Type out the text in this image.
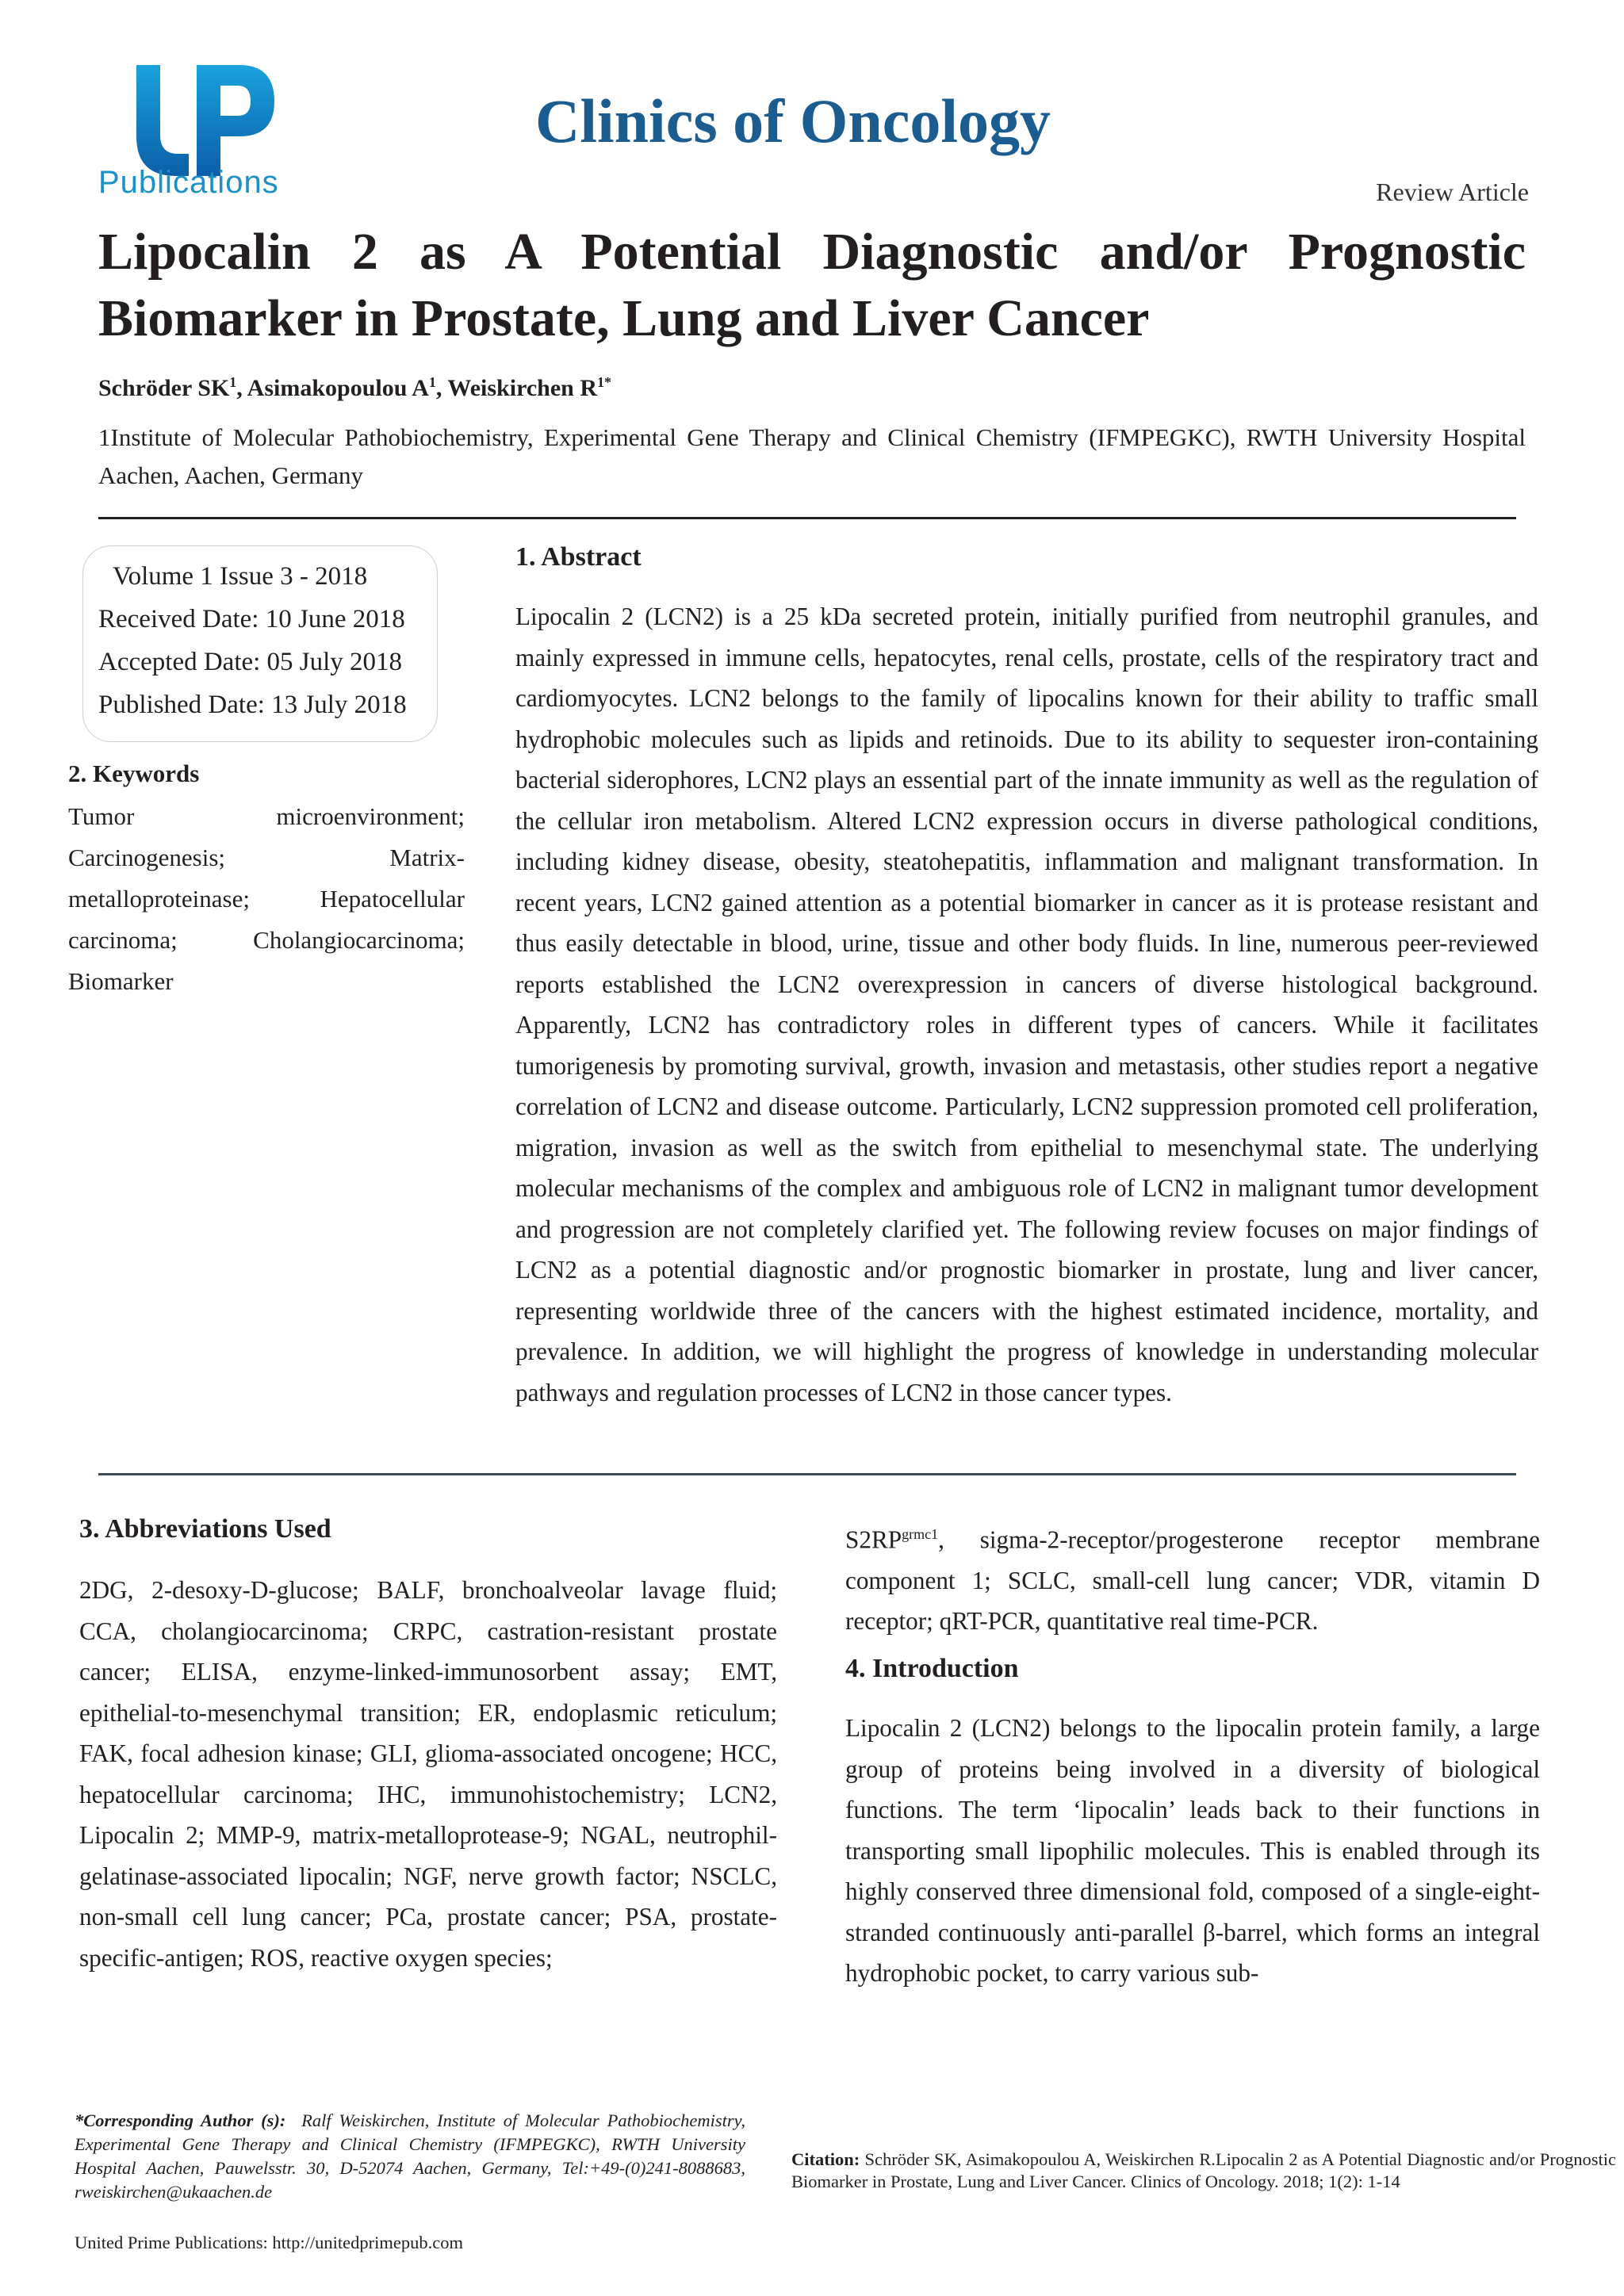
Publications
Clinics of Oncology
Review Article
Lipocalin 2 as A Potential Diagnostic and/or Prognostic Biomarker in Prostate, Lung and Liver Cancer
Schröder $SK^1$, Asimakopoulou $A^1$, Weiskirchen $R^{1*}$
1Institute of Molecular Pathobiochemistry, Experimental Gene Therapy and Clinical Chemistry (IFMPEGKC), RWTH University Hospital Aachen, Aachen, Germany
Volume 1 Issue 3 - 2018
Received Date: 10 June 2018
Accepted Date: 05 July 2018
Published Date: 13 July 2018
2. Keywords
Tumor microenvironment; Carcinogenesis; Matrix-metalloproteinase; Hepatocellular carcinoma; Cholangiocarcinoma; Biomarker
1. Abstract
Lipocalin 2 (LCN2) is a 25 kDa secreted protein, initially purified from neutrophil granules, and mainly expressed in immune cells, hepatocytes, renal cells, prostate, cells of the respiratory tract and cardiomyocytes. LCN2 belongs to the family of lipocalins known for their ability to traffic small hydrophobic molecules such as lipids and retinoids. Due to its ability to sequester iron-containing bacterial siderophores, LCN2 plays an essential part of the innate immunity as well as the regulation of the cellular iron metabolism. Altered LCN2 expression occurs in diverse pathological conditions, including kidney disease, obesity, steatohepatitis, inflammation and malignant transformation. In recent years, LCN2 gained attention as a potential biomarker in cancer as it is protease resistant and thus easily detectable in blood, urine, tissue and other body fluids. In line, numerous peer-reviewed reports established the LCN2 overexpression in cancers of diverse histological background. Apparently, LCN2 has contradictory roles in different types of cancers. While it facilitates tumorigenesis by promoting survival, growth, invasion and metastasis, other studies report a negative correlation of LCN2 and disease outcome. Particularly, LCN2 suppression promoted cell proliferation, migration, invasion as well as the switch from epithelial to mesenchymal state. The underlying molecular mechanisms of the complex and ambiguous role of LCN2 in malignant tumor development and progression are not completely clarified yet. The following review focuses on major findings of LCN2 as a potential diagnostic and/or prognostic biomarker in prostate, lung and liver cancer, representing worldwide three of the cancers with the highest estimated incidence, mortality, and prevalence. In addition, we will highlight the progress of knowledge in understanding molecular pathways and regulation processes of LCN2 in those cancer types.
3. Abbreviations Used
2DG, 2-desoxy-D-glucose; BALF, bronchoalveolar lavage fluid; CCA, cholangiocarcinoma; CRPC, castration-resistant prostate cancer; ELISA, enzyme-linked-immunosorbent assay; EMT, epithelial-to-mesenchymal transition; ER, endoplasmic reticulum; FAK, focal adhesion kinase; GLI, glioma-associated oncogene; HCC, hepatocellular carcinoma; IHC, immunohistochemistry; LCN2, Lipocalin 2; MMP-9, matrix-metalloprotease-9; NGAL, neutrophil-gelatinase-associated lipocalin; NGF, nerve growth factor; NSCLC, non-small cell lung cancer; PCa, prostate cancer; PSA, prostate-specific-antigen; ROS, reactive oxygen species;
$S2RP^{grmc1}$, sigma-2-receptor/progesterone receptor membrane component 1; SCLC, small-cell lung cancer; VDR, vitamin D receptor; qRT-PCR, quantitative real time-PCR.
4. Introduction
Lipocalin 2 (LCN2) belongs to the lipocalin protein family, a large group of proteins being involved in a diversity of biological functions. The term ‘lipocalin’ leads back to their functions in transporting small lipophilic molecules. This is enabled through its highly conserved three dimensional fold, composed of a single-eight-stranded continuously anti-parallel β-barrel, which forms an integral hydrophobic pocket, to carry various sub-
*Corresponding Author (s): Ralf Weiskirchen, Institute of Molecular Pathobiochemistry, Experimental Gene Therapy and Clinical Chemistry (IFMPEGKC), RWTH University Hospital Aachen, Pauwelsstr. 30, D-52074 Aachen, Germany, Tel:+49-(0)241-8088683, rweiskirchen@ukaachen.de
United Prime Publications: http://unitedprimepub.com
Citation: Schröder SK, Asimakopoulou A, Weiskirchen R.Lipocalin 2 as A Potential Diagnostic and/or Prognostic Biomarker in Prostate, Lung and Liver Cancer. Clinics of Oncology. 2018; 1(2): 1-14
